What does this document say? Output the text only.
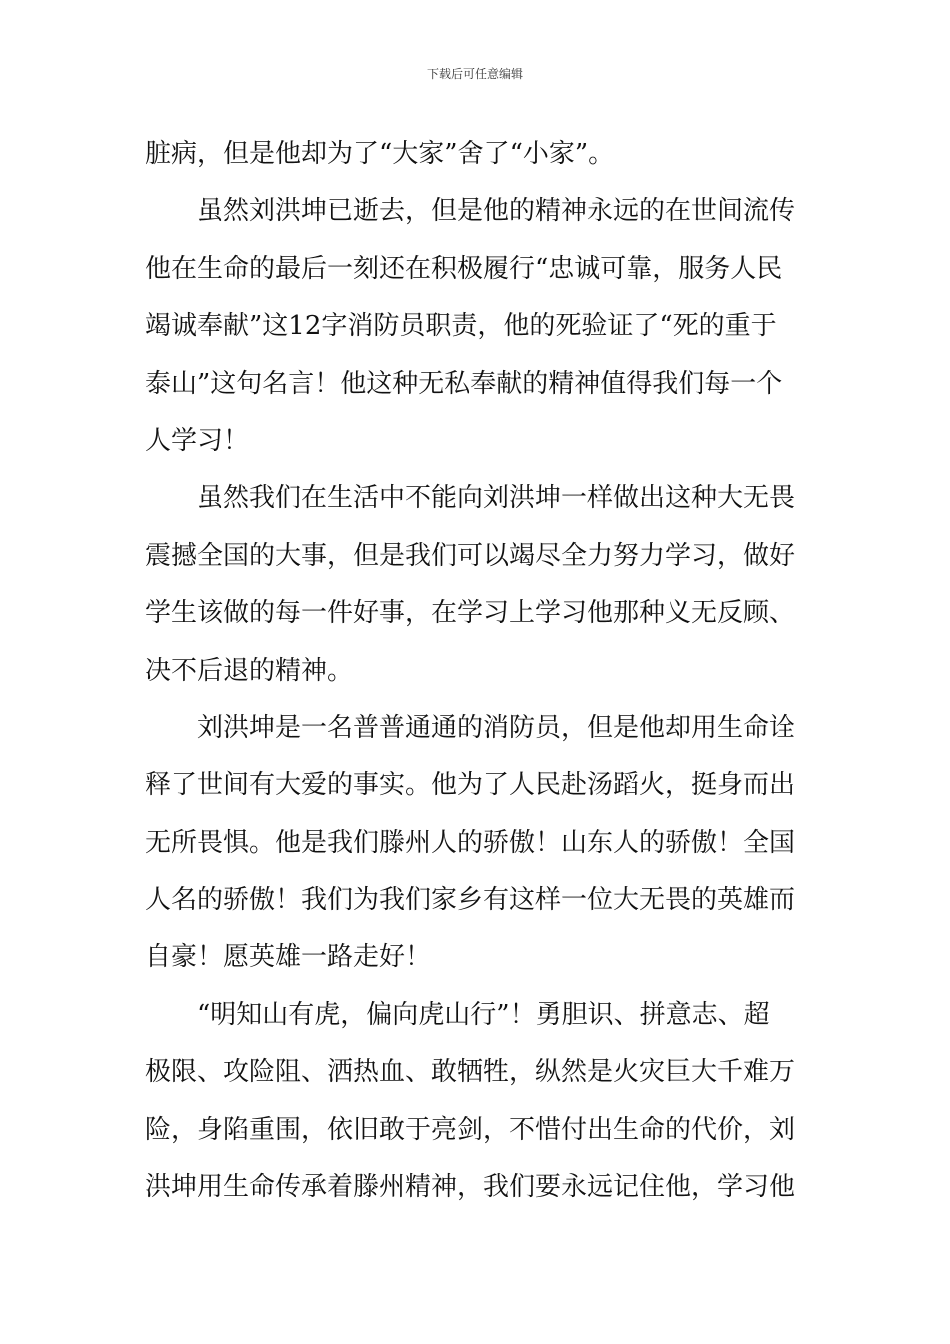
下载后可任意编辑
脏病，但是他却为了“大家”舍了“小家”。
虽然刘洪坤已逝去，但是他的精神永远的在世间流传
他在生命的最后一刻还在积极履行“忠诚可靠，服务人民
竭诚奉献”这12字消防员职责，他的死验证了“死的重于
泰山”这句名言！他这种无私奉献的精神值得我们每一个
人学习！
虽然我们在生活中不能向刘洪坤一样做出这种大无畏
震撼全国的大事，但是我们可以竭尽全力努力学习，做好
学生该做的每一件好事，在学习上学习他那种义无反顾、
决不后退的精神。
刘洪坤是一名普普通通的消防员，但是他却用生命诠
释了世间有大爱的事实。他为了人民赴汤蹈火，挺身而出
无所畏惧。他是我们滕州人的骄傲！山东人的骄傲！全国
人名的骄傲！我们为我们家乡有这样一位大无畏的英雄而
自豪！愿英雄一路走好！
“明知山有虎，偏向虎山行”！勇胆识、拼意志、超
极限、攻险阻、洒热血、敢牺牲，纵然是火灾巨大千难万
险，身陷重围，依旧敢于亮剑，不惜付出生命的代价，刘
洪坤用生命传承着滕州精神，我们要永远记住他，学习他
